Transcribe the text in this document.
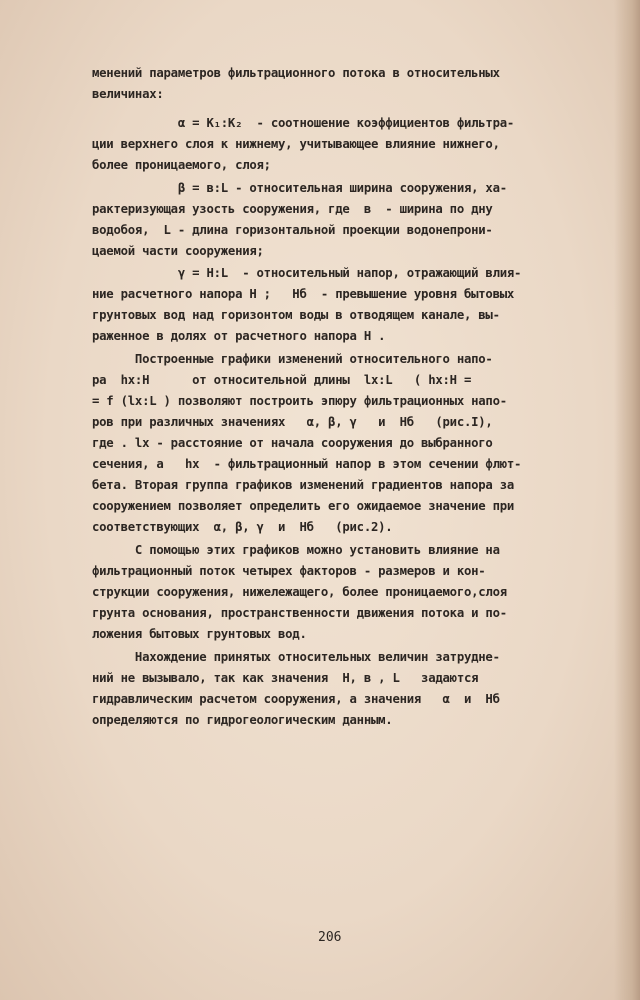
менений параметров фильтрационного потока в относительных
величинах:
α = K₁:K₂  - соотношение коэффициентов фильтра-
ции верхнего слоя к нижнему, учитывающее влияние нижнего,
более проницаемого, слоя;
β = в:L - относительная ширина сооружения, ха-
рактеризующая узость сооружения, где  в  - ширина по дну
водобоя,  L - длина горизонтальной проекции водонепрони-
цаемой части сооружения;
γ = H:L  - относительный напор, отражающий влия-
ние расчетного напора H ;   Hб  - превышение уровня бытовых
грунтовых вод над горизонтом воды в отводящем канале, вы-
раженное в долях от расчетного напора H .
Построенные графики изменений относительного напо-
ра  hx:H      от относительной длины  lx:L   ( hx:H =
= f (lx:L ) позволяют построить эпюру фильтрационных напо-
ров при различных значениях   α, β, γ   и  Hб   (рис.I),
где . lx - расстояние от начала сооружения до выбранного
сечения, а   hx  - фильтрационный напор в этом сечении флют-
бета. Вторая группа графиков изменений градиентов напора за
сооружением позволяет определить его ожидаемое значение при
соответствующих  α, β, γ  и  Hб   (рис.2).
С помощью этих графиков можно установить влияние на
фильтрационный поток четырех факторов - размеров и кон-
струкции сооружения, нижележащего, более проницаемого,слоя
грунта основания, пространственности движения потока и по-
ложения бытовых грунтовых вод.
Нахождение принятых относительных величин затрудне-
ний не вызывало, так как значения  H, в , L   задаются
гидравлическим расчетом сооружения, а значения   α  и  Hб
определяются по гидрогеологическим данным.
206
